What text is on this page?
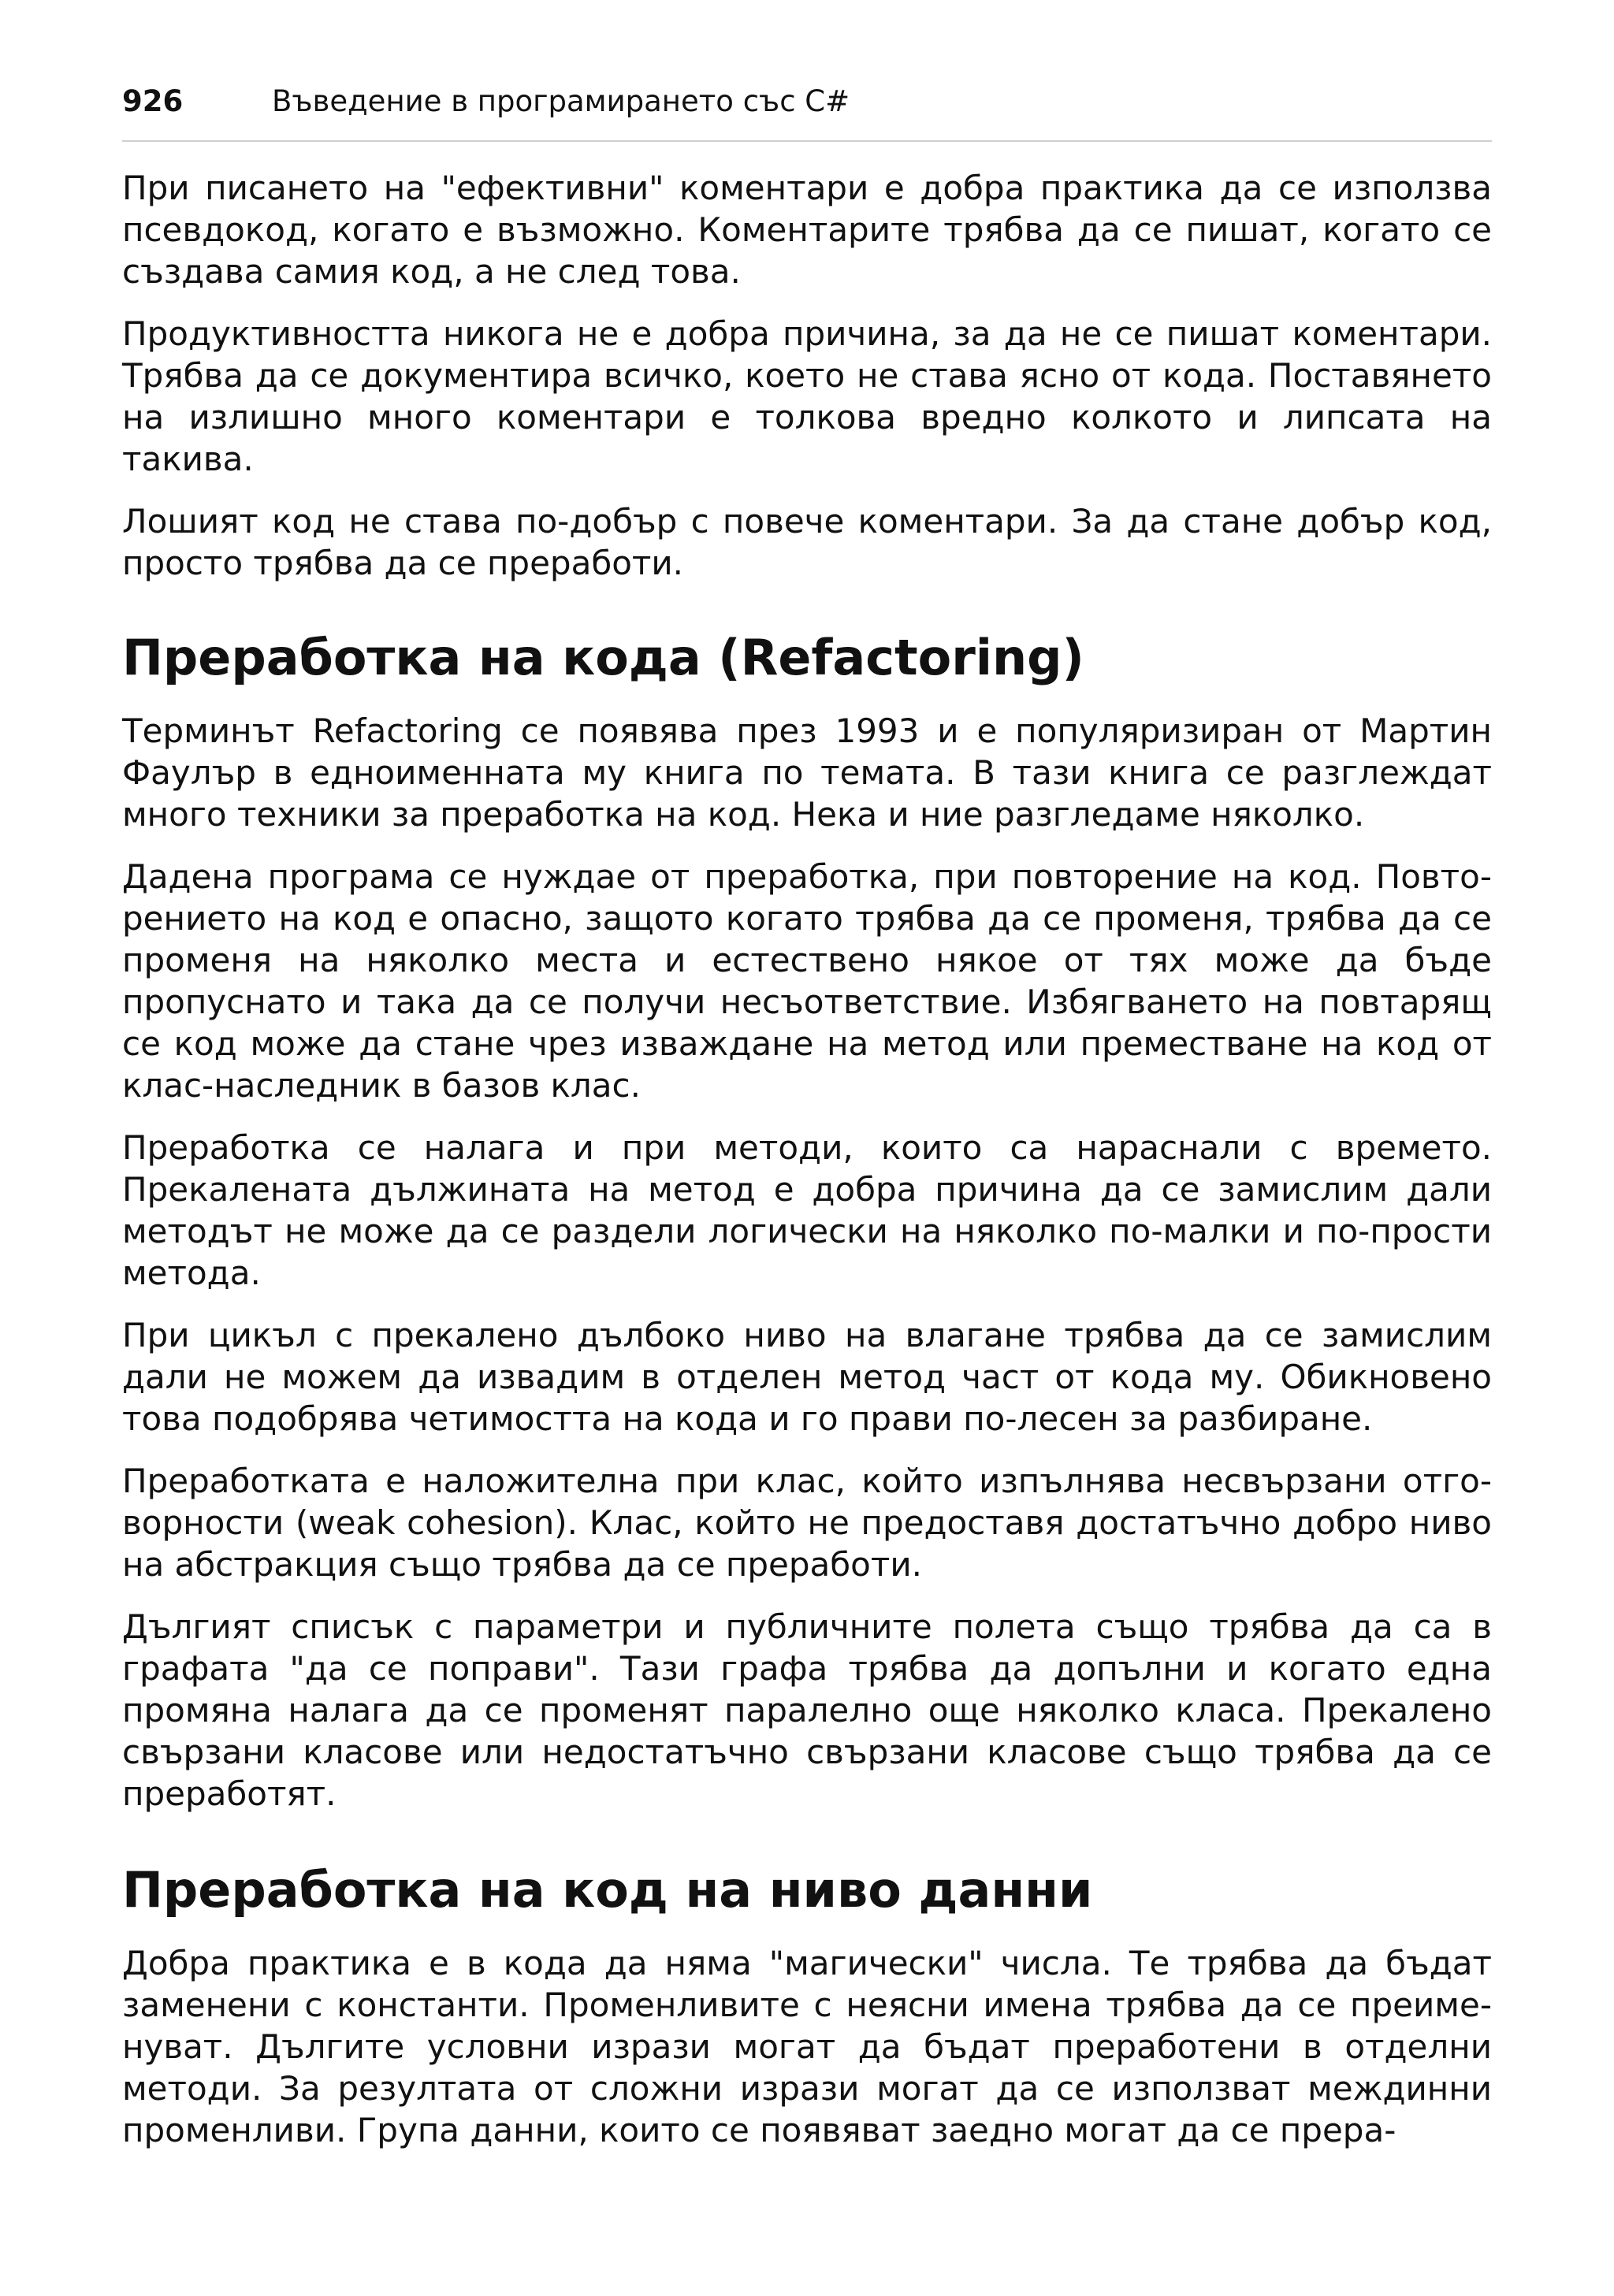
926	Въведение в програмирането със C#

При писането на "ефективни" коментари е добра практика да се използва псевдокод, когато е възможно. Коментарите трябва да се пишат, когато се създава самия код, а не след това.

Продуктивността никога не е добра причина, за да не се пишат коментари. Трябва да се документира всичко, което не става ясно от кода. Поставянето на излишно много коментари е толкова вредно колкото и липсата на такива.

Лошият код не става по-добър с повече коментари. За да стане добър код, просто трябва да се преработи.

Преработка на кода (Refactoring)

Терминът Refactoring се появява през 1993 и е популяризиран от Мартин Фаулър в едноименната му книга по темата. В тази книга се разглеждат много техники за преработка на код. Нека и ние разгледаме няколко.

Дадена програма се нуждае от преработка, при повторение на код. Повторението на код е опасно, защото когато трябва да се променя, трябва да се променя на няколко места и естествено някое от тях може да бъде пропуснато и така да се получи несъответствие. Избягването на повтарящ се код може да стане чрез изваждане на метод или преместване на код от клас-наследник в базов клас.

Преработка се налага и при методи, които са нараснали с времето. Прекалената дължината на метод е добра причина да се замислим дали методът не може да се раздели логически на няколко по-малки и по-прости метода.

При цикъл с прекалено дълбоко ниво на влагане трябва да се замислим дали не можем да извадим в отделен метод част от кода му. Обикновено това подобрява четимостта на кода и го прави по-лесен за разбиране.

Преработката е наложителна при клас, който изпълнява несвързани отговорности (weak cohesion). Клас, който не предоставя достатъчно добро ниво на абстракция също трябва да се преработи.

Дългият списък с параметри и публичните полета също трябва да са в графата "да се поправи". Тази графа трябва да допълни и когато една промяна налага да се променят паралелно още няколко класа. Прекалено свързани класове или недостатъчно свързани класове също трябва да се преработят.

Преработка на код на ниво данни

Добра практика е в кода да няма "магически" числа. Те трябва да бъдат заменени с константи. Променливите с неясни имена трябва да се преименуват. Дългите условни изрази могат да бъдат преработени в отделни методи. За резултата от сложни изрази могат да се използват междинни променливи. Група данни, които се появяват заедно могат да се прера-
